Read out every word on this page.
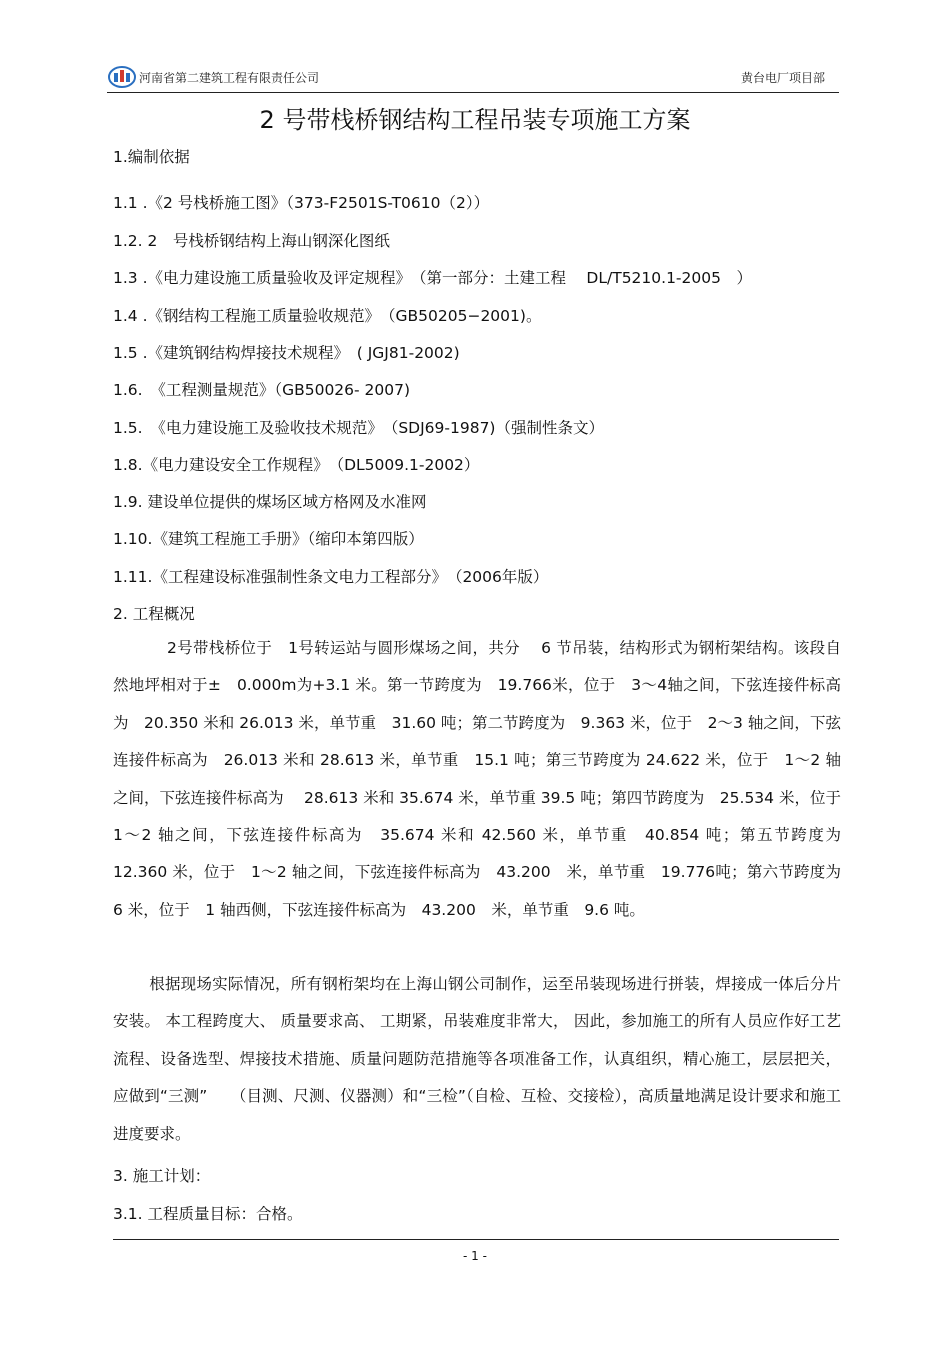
河南省第二建筑工程有限责任公司	黄台电厂项目部
2 号带栈桥钢结构工程吊装专项施工方案
1.编制依据
1.1 .《2 号栈桥施工图》（373-F2501S-T0610（2））
1.2. 2　号栈桥钢结构上海山钢深化图纸
1.3 .《电力建设施工质量验收及评定规程》　（第一部分：土建工程　 DL/T5210.1-2005　）
1.4 .《钢结构工程施工质量验收规范》　（GB50205−2001)。
1.5 .《建筑钢结构焊接技术规程》　( JGJ81-2002)
1.6.　《工程测量规范》（GB50026- 2007)
1.5.　《电力建设施工及验收技术规范》　（SDJ69-1987)（强制性条文）
1.8.《电力建设安全工作规程》　（DL5009.1-2002）
1.9. 建设单位提供的煤场区域方格网及水准网
1.10.《建筑工程施工手册》（缩印本第四版）
1.11.《工程建设标准强制性条文电力工程部分》　（2006年版）
2. 工程概况
2号带栈桥位于　1号转运站与圆形煤场之间，共分　 6 节吊装，结构形式为钢桁架结构。该段自然地坪相对于±　0.000m为+3.1 米。第一节跨度为　19.766米，位于　3～4轴之间，下弦连接件标高为　20.350 米和 26.013 米，单节重　31.60 吨；第二节跨度为　9.363 米，位于　2～3 轴之间，下弦连接件标高为　26.013 米和 28.613 米，单节重　15.1 吨；第三节跨度为 24.622 米，位于　1～2 轴之间，下弦连接件标高为　 28.613 米和 35.674 米，单节重 39.5 吨；第四节跨度为　25.534 米，位于 1～2 轴之间，下弦连接件标高为　35.674 米和 42.560 米，单节重　40.854 吨；第五节跨度为　12.360 米，位于　1～2 轴之间，下弦连接件标高为　43.200　米，单节重　19.776吨；第六节跨度为　6 米，位于　1 轴西侧，下弦连接件标高为　43.200　米，单节重　9.6 吨。
根据现场实际情况，所有钢桁架均在上海山钢公司制作，运至吊装现场进行拼装，焊接成一体后分片安装。 本工程跨度大、 质量要求高、 工期紧，吊装难度非常大， 因此，参加施工的所有人员应作好工艺流程、设备选型、焊接技术措施、质量问题防范措施等各项准备工作，认真组织，精心施工，层层把关，应做到“三测”　　（目测、尺测、仪器测）和“三检”（自检、互检、交接检），高质量地满足设计要求和施工进度要求。
3. 施工计划：
3.1. 工程质量目标：合格。
- 1 -
